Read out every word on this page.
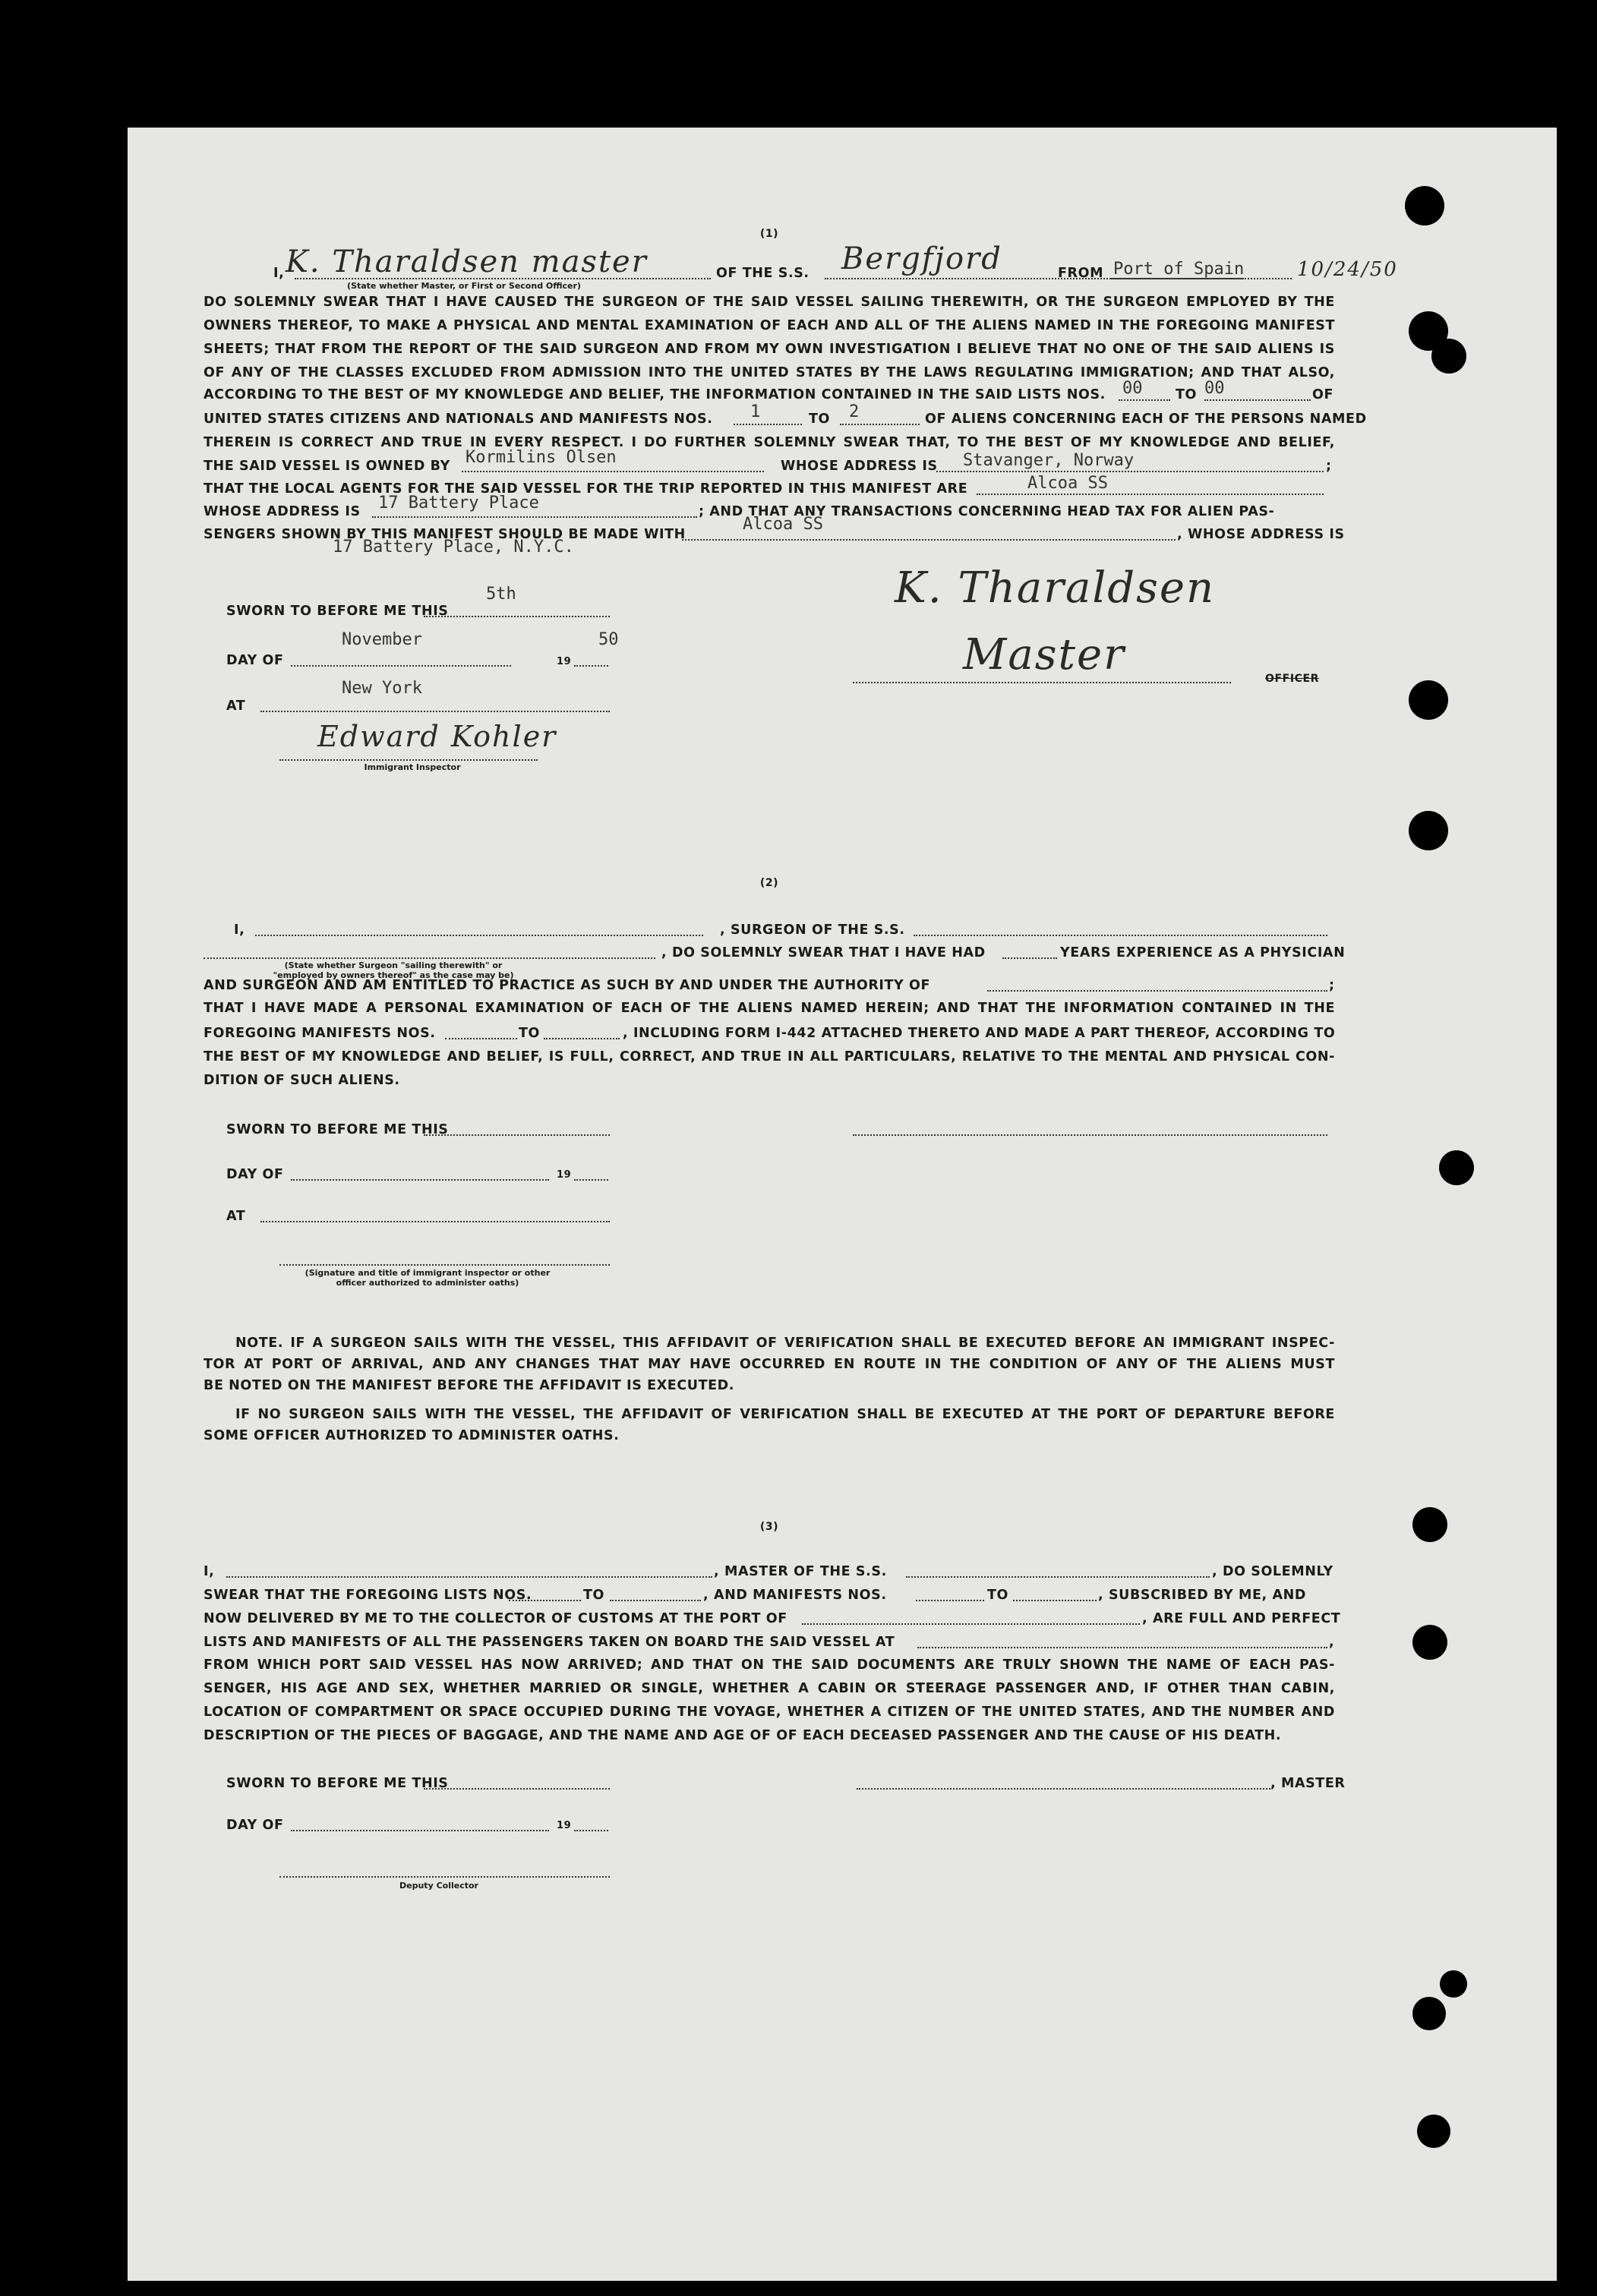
(1)
I, K. Tharaldsen master	OF THE S.S. Bergfjord	FROM Port of Spain	10/24/50
(State whether Master, or First or Second Officer)
DO SOLEMNLY SWEAR THAT I HAVE CAUSED THE SURGEON OF THE SAID VESSEL SAILING THEREWITH, OR THE SURGEON EMPLOYED BY THE
OWNERS THEREOF, TO MAKE A PHYSICAL AND MENTAL EXAMINATION OF EACH AND ALL OF THE ALIENS NAMED IN THE FOREGOING MANIFEST
SHEETS; THAT FROM THE REPORT OF THE SAID SURGEON AND FROM MY OWN INVESTIGATION I BELIEVE THAT NO ONE OF THE SAID ALIENS IS
OF ANY OF THE CLASSES EXCLUDED FROM ADMISSION INTO THE UNITED STATES BY THE LAWS REGULATING IMMIGRATION; AND THAT ALSO,
ACCORDING TO THE BEST OF MY KNOWLEDGE AND BELIEF, THE INFORMATION CONTAINED IN THE SAID LISTS NOS. 00 TO 00	OF
UNITED STATES CITIZENS AND NATIONALS AND MANIFESTS NOS. 1	TO 2	OF ALIENS CONCERNING EACH OF THE PERSONS NAMED
THEREIN IS CORRECT AND TRUE IN EVERY RESPECT. I DO FURTHER SOLEMNLY SWEAR THAT, TO THE BEST OF MY KNOWLEDGE AND BELIEF,
THE SAID VESSEL IS OWNED BY Kormilins Olsen	WHOSE ADDRESS IS Stavanger, Norway	;
THAT THE LOCAL AGENTS FOR THE SAID VESSEL FOR THE TRIP REPORTED IN THIS MANIFEST ARE	Alcoa SS
WHOSE ADDRESS IS 17 Battery Place	; AND THAT ANY TRANSACTIONS CONCERNING HEAD TAX FOR ALIEN PAS-
SENGERS SHOWN BY THIS MANIFEST SHOULD BE MADE WITH
Alcoa SS
17 Battery Place, N.Y.C.
, WHOSE ADDRESS IS
SWORN TO BEFORE ME THIS
5th
DAY OF
November
19
50
AT
New York
Edward Kohler
Immigrant Inspector
K. Tharaldsen
Master	OFFICER
(2)
I,	, SURGEON OF THE S.S.
(State whether Surgeon "sailing therewith" or "employed by owners thereof" as the case may be)
, DO SOLEMNLY SWEAR THAT I HAVE HAD	YEARS EXPERIENCE AS A PHYSICIAN
AND SURGEON AND AM ENTITLED TO PRACTICE AS SUCH BY AND UNDER THE AUTHORITY OF	;
THAT I HAVE MADE A PERSONAL EXAMINATION OF EACH OF THE ALIENS NAMED HEREIN; AND THAT THE INFORMATION CONTAINED IN THE
FOREGOING MANIFESTS NOS.	TO	, INCLUDING FORM I-442 ATTACHED THERETO AND MADE A PART THEREOF, ACCORDING TO
THE BEST OF MY KNOWLEDGE AND BELIEF, IS FULL, CORRECT, AND TRUE IN ALL PARTICULARS, RELATIVE TO THE MENTAL AND PHYSICAL CON-
DITION OF SUCH ALIENS.
SWORN TO BEFORE ME THIS
DAY OF	19
AT
(Signature and title of immigrant inspector or other officer authorized to administer oaths)
NOTE. IF A SURGEON SAILS WITH THE VESSEL, THIS AFFIDAVIT OF VERIFICATION SHALL BE EXECUTED BEFORE AN IMMIGRANT INSPEC-
TOR AT PORT OF ARRIVAL, AND ANY CHANGES THAT MAY HAVE OCCURRED EN ROUTE IN THE CONDITION OF ANY OF THE ALIENS MUST
BE NOTED ON THE MANIFEST BEFORE THE AFFIDAVIT IS EXECUTED.
IF NO SURGEON SAILS WITH THE VESSEL, THE AFFIDAVIT OF VERIFICATION SHALL BE EXECUTED AT THE PORT OF DEPARTURE BEFORE
SOME OFFICER AUTHORIZED TO ADMINISTER OATHS.
(3)
I,	, MASTER OF THE S.S.	, DO SOLEMNLY
SWEAR THAT THE FOREGOING LISTS NOS.	TO	, AND MANIFESTS NOS.	TO	, SUBSCRIBED BY ME, AND
NOW DELIVERED BY ME TO THE COLLECTOR OF CUSTOMS AT THE PORT OF	, ARE FULL AND PERFECT
LISTS AND MANIFESTS OF ALL THE PASSENGERS TAKEN ON BOARD THE SAID VESSEL AT	,
FROM WHICH PORT SAID VESSEL HAS NOW ARRIVED; AND THAT ON THE SAID DOCUMENTS ARE TRULY SHOWN THE NAME OF EACH PAS-
SENGER, HIS AGE AND SEX, WHETHER MARRIED OR SINGLE, WHETHER A CABIN OR STEERAGE PASSENGER AND, IF OTHER THAN CABIN,
LOCATION OF COMPARTMENT OR SPACE OCCUPIED DURING THE VOYAGE, WHETHER A CITIZEN OF THE UNITED STATES, AND THE NUMBER AND
DESCRIPTION OF THE PIECES OF BAGGAGE, AND THE NAME AND AGE OF OF EACH DECEASED PASSENGER AND THE CAUSE OF HIS DEATH.
SWORN TO BEFORE ME THIS	, MASTER
DAY OF	19
Deputy Collector
